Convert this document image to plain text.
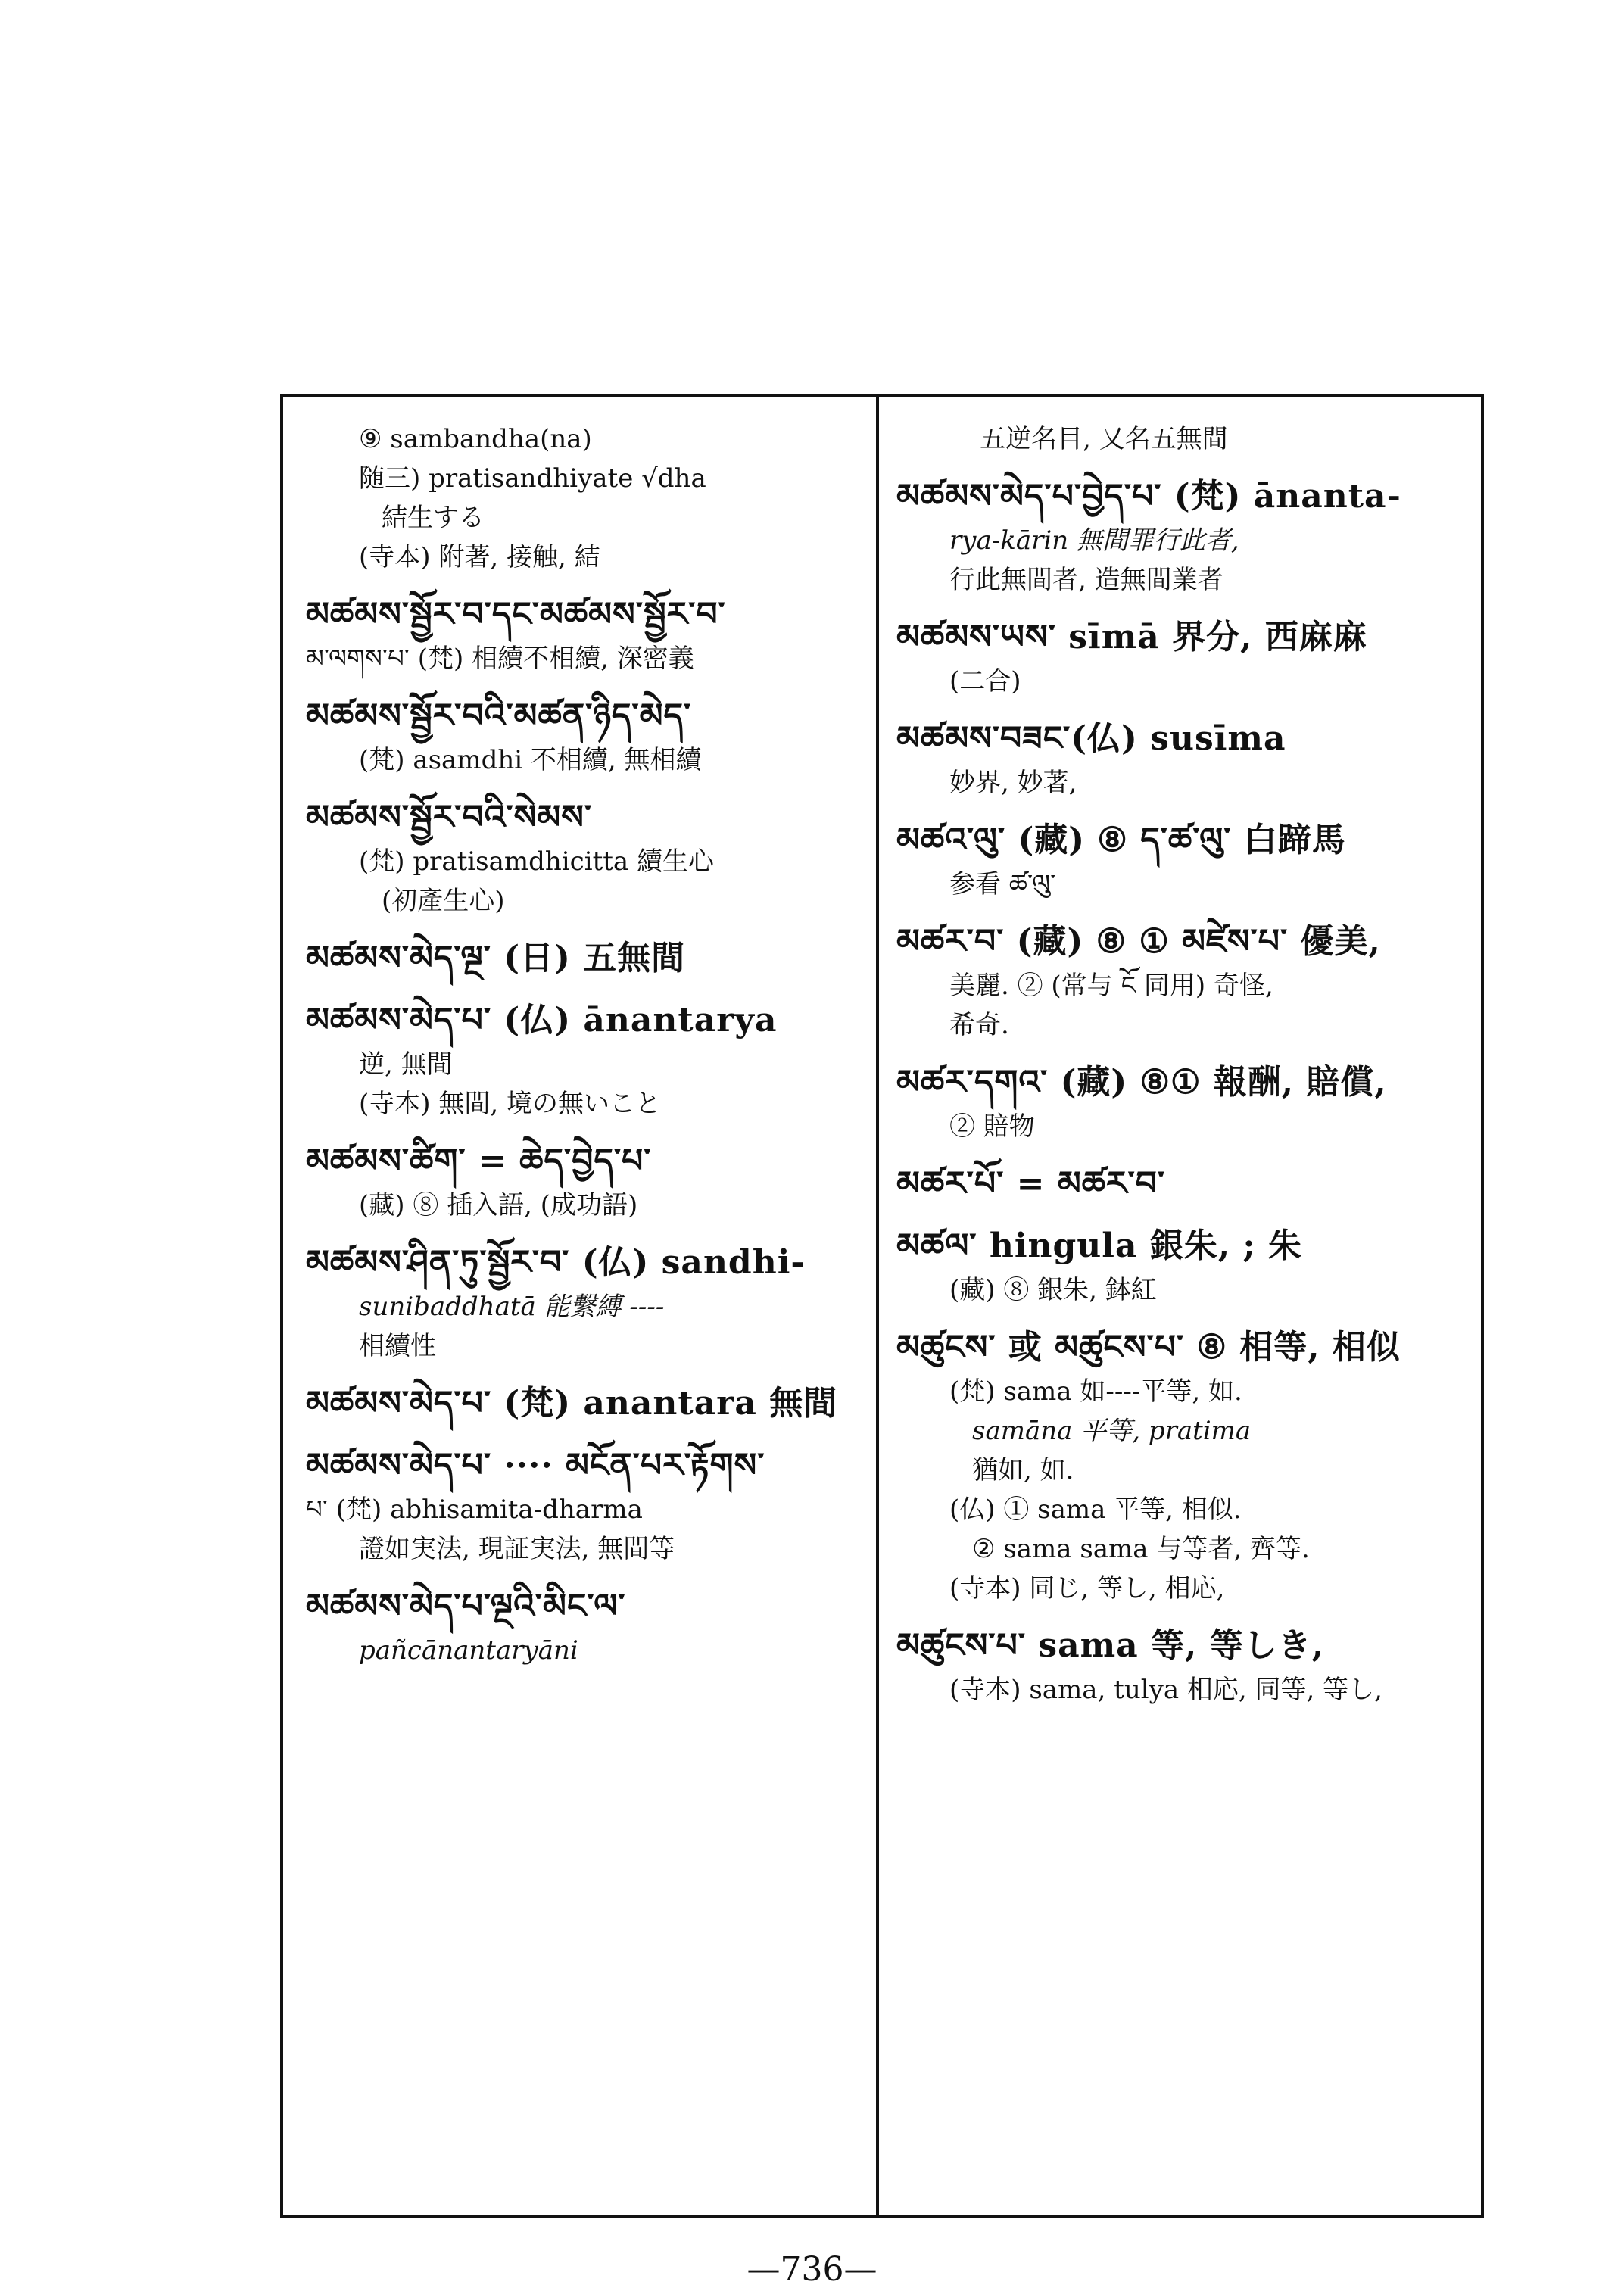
⑨ sambandha(na)
随三) pratisandhiyate √dha
結生する
(寺本) 附著, 接触, 結
མཚམས་སྦྱོར་བ་དང་མཚམས་སྦྱོར་བ་
མ་ལགས་པ་ (梵) 相續不相續, 深密義
མཚམས་སྦྱོར་བའི་མཚན་ཉིད་མེད་
(梵) asamdhi 不相續, 無相續
མཚམས་སྦྱོར་བའི་སེམས་
(梵) pratisamdhicitta 續生心
(初產生心)
མཚམས་མེད་ལྔ་ (日) 五無間
མཚམས་མེད་པ་ (仏) ānantarya
逆, 無間
(寺本) 無間, 境の無いこと
མཚམས་ཚིག་ = ཆེད་བྱེད་པ་
(藏) ⑧ 插入語, (成功語)
མཚམས་ཤིན་ཏུ་སྦྱོར་བ་ (仏) sandhi-
sunibaddhatā 能繫縛 ----
相續性
མཚམས་མེད་པ་ (梵) anantara 無間
མཚམས་མེད་པ་ ···· མངོན་པར་རྟོགས་
པ་ (梵) abhisamita-dharma
證如実法, 現証実法, 無間等
མཚམས་མེད་པ་ལྔའི་མིང་ལ་
pañcānantaryāni
五逆名目, 又名五無間
མཚམས་མེད་པ་བྱེད་པ་ (梵) ānanta-
rya-kārin 無間罪行此者,
行此無間者, 造無間業者
མཚམས་ཡས་ sīmā 界分, 西麻麻
(二合)
མཚམས་བཟང་(仏) susīma
妙界, 妙著,
མཚའ་ལུ་ (藏) ⑧ ད་ཚ་ལུ་ 白蹄馬
参看 ཚ་ལུ་
མཚར་བ་ (藏) ⑧ ① མཛེས་པ་ 優美,
美麗. ② (常与 ངོ 同用) 奇怪,
希奇.
མཚར་དགའ་ (藏) ⑧① 報酬, 賠償,
② 賠物
མཚར་པོ་ = མཚར་བ་
མཚལ་ hingula 銀朱, ; 朱
(藏) ⑧ 銀朱, 鉢紅
མཚུངས་ 或 མཚུངས་པ་ ⑧ 相等, 相似
(梵) sama 如----平等, 如.
samāna 平等, pratima
猶如, 如.
(仏) ① sama 平等, 相似.
② sama sama 与等者, 齊等.
(寺本) 同じ, 等し, 相応,
མཚུངས་པ་ sama 等, 等しき,
(寺本) sama, tulya 相応, 同等, 等し,
—736—
